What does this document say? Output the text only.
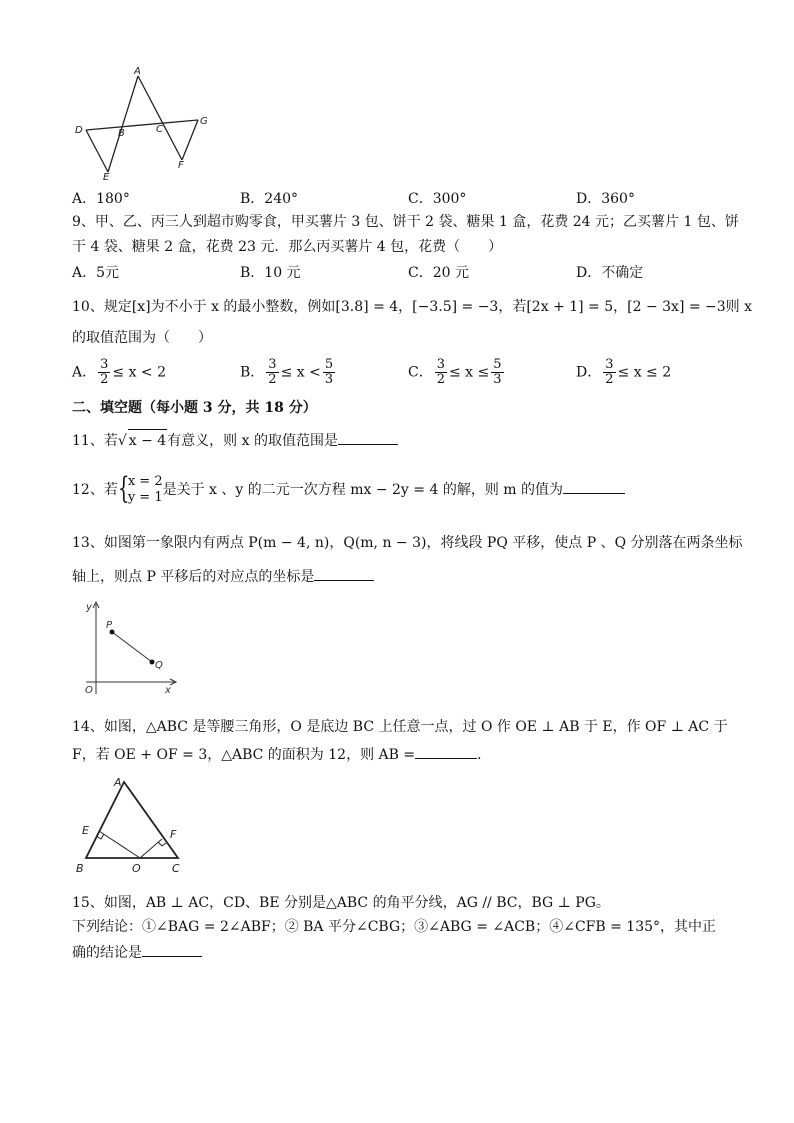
A
D	B	C
G
E
F
A．180°	B．240°	C．300°	D．360°
9、甲、乙、丙三人到超市购零食，甲买薯片 3 包、饼干 2 袋、糖果 1 盒，花费 24 元；乙买薯片 1 包、饼
干 4 袋、糖果 2 盒，花费 23 元．那么丙买薯片 4 包，花费（　　）
A．5元	B．10 元	C．20 元	D．不确定
10、规定[x]为不小于 x 的最小整数，例如[3.8] = 4，[−3.5] = −3，若[2x + 1] = 5，[2 − 3x] = −3则 x
的取值范围为（　　）
A． $\frac{3}{2} \le x < 2$	B． $\frac{3}{2} \le x < \frac{5}{3}$	C． $\frac{3}{2} \le x \le \frac{5}{3}$	D． $\frac{3}{2} \le x \le 2$
二、填空题（每小题 3 分，共 18 分）
11、若√ x − 4有意义，则 x 的取值范围是
12、若 {
x = 2
y = 1 是关于 x 、y 的二元一次方程 mx − 2y = 4 的解，则 m 的值为
13、如图第一象限内有两点 P(m − 4, n)，Q(m, n − 3)，将线段 PQ 平移，使点 P 、Q 分别落在两条坐标
轴上，则点 P 平移后的对应点的坐标是
y
x
O
P
Q
14、如图，△ABC 是等腰三角形，O 是底边 BC 上任意一点，过 O 作 OE ⊥ AB 于 E，作 OF ⊥ AC 于
F，若 OE + OF = 3，△ABC 的面积为 12，则 AB =	．
A
E	F
B	O	C
15、如图，AB ⊥ AC，CD、BE 分别是△ABC 的角平分线，AG // BC，BG ⊥ PG。
下列结论：①∠BAG = 2∠ABF；② BA 平分∠CBG；③∠ABG = ∠ACB；④∠CFB = 135°，其中正
确的结论是
